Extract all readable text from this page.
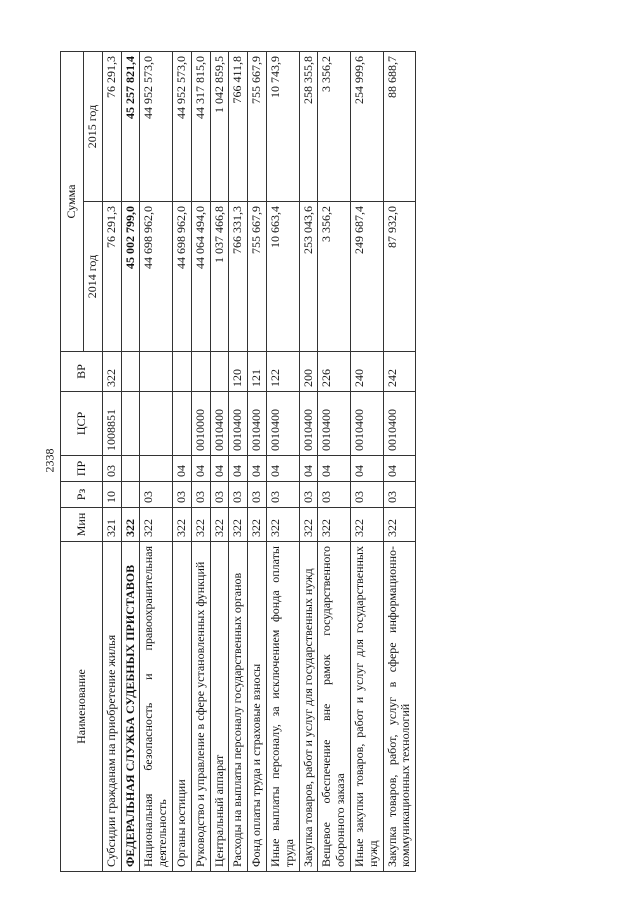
2338
Наименование	Мин	Рз	ПР	ЦСР	ВР	Сумма	
						2014 год	2015 год
Субсидии гражданам на приобретение жилья	321	10	03	1008851	322	76 291,3	76 291,3
ФЕДЕРАЛЬНАЯ СЛУЖБА СУДЕБНЫХ ПРИСТАВОВ	322					45 002 799,0	45 257 821,4
Национальная безопасность и правоохранительная деятельность	322	03				44 698 962,0	44 952 573,0
Органы юстиции	322	03	04			44 698 962,0	44 952 573,0
Руководство и управление в сфере установленных функций	322	03	04	0010000		44 064 494,0	44 317 815,0
Центральный аппарат	322	03	04	0010400		1 037 466,8	1 042 859,5
Расходы на выплаты персоналу государственных органов	322	03	04	0010400	120	766 331,3	766 411,8
Фонд оплаты труда и страховые взносы	322	03	04	0010400	121	755 667,9	755 667,9
Иные выплаты персоналу, за исключением фонда оплаты труда	322	03	04	0010400	122	10 663,4	10 743,9
Закупка товаров, работ и услуг для государственных нужд	322	03	04	0010400	200	253 043,6	258 355,8
Вещевое обеспечение вне рамок государственного оборонного заказа	322	03	04	0010400	226	3 356,2	3 356,2
Иные закупки товаров, работ и услуг для государственных нужд	322	03	04	0010400	240	249 687,4	254 999,6
Закупка товаров, работ, услуг в сфере информационно-коммуникационных технологий	322	03	04	0010400	242	87 932,0	88 688,7
